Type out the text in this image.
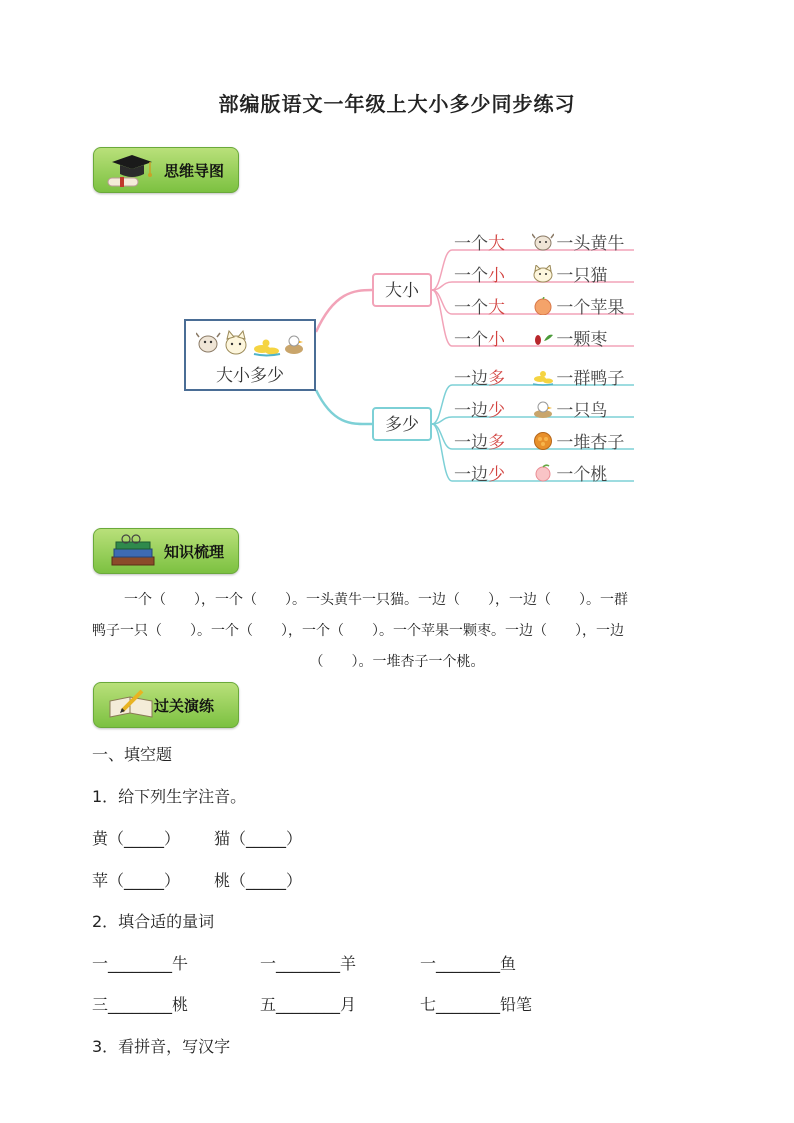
部编版语文一年级上大小多少同步练习
思维导图
大小多少
大小
多少
一个大	一头黄牛
一个小	一只猫
一个大	一个苹果
一个小	一颗枣
一边多	一群鸭子
一边少	一只鸟
一边多	一堆杏子
一边少	一个桃
知识梳理
一个（　　），一个（　　）。一头黄牛一只猫。一边（　　），一边（　　）。一群
鸭子一只（　　）。一个（　　），一个（　　）。一个苹果一颗枣。一边（　　），一边
（　　）。一堆杏子一个桃。
过关演练
一、填空题
1．给下列生字注音。
黄（_____） 猫（_____）
苹（_____） 桃（_____）
2．填合适的量词
一________牛	一________羊	一________鱼
三________桃	五________月	七________铅笔
3．看拼音，写汉字
